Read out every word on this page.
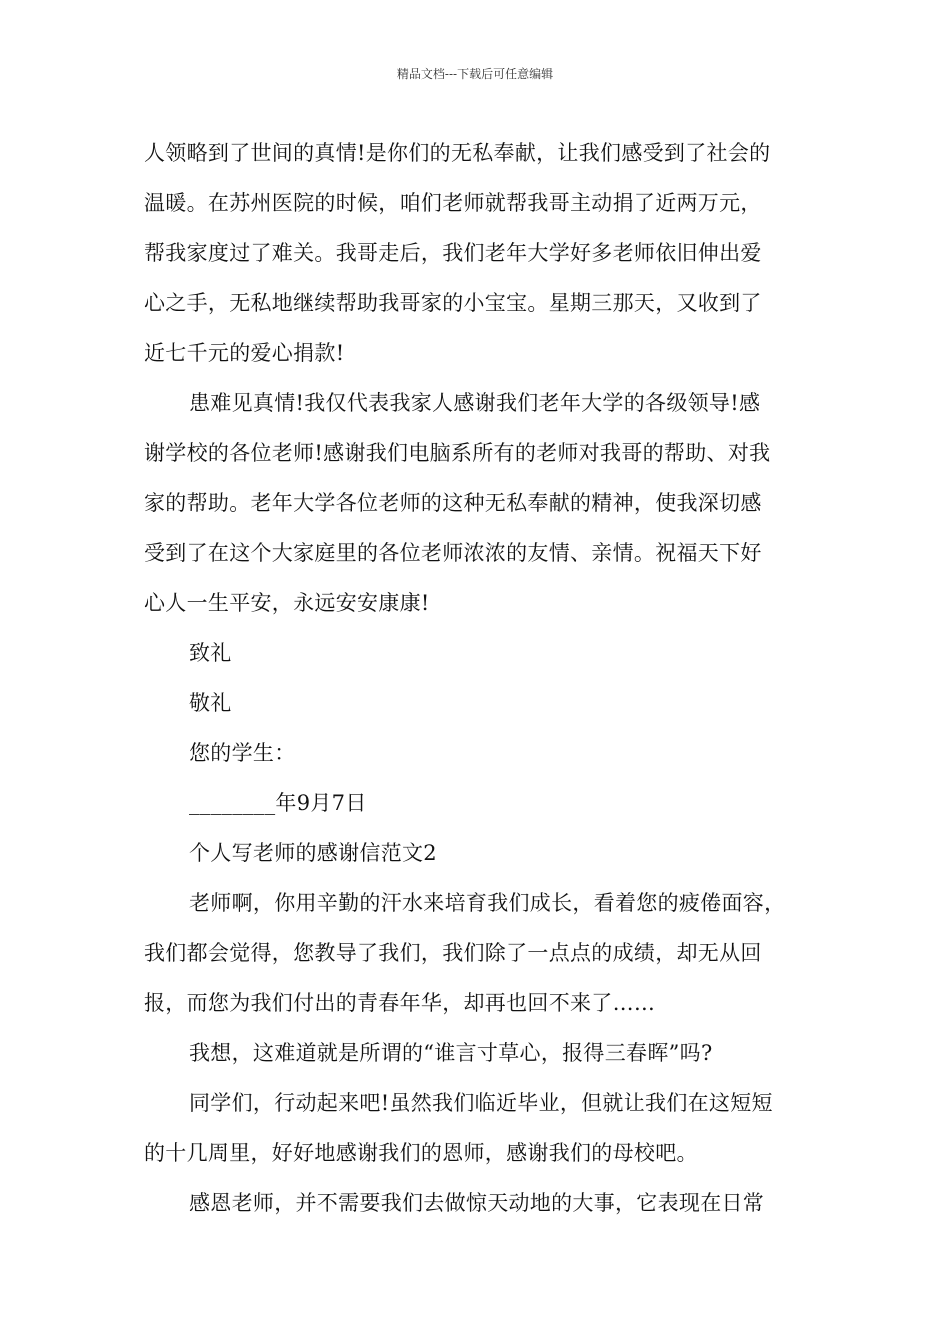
精品文档---下载后可任意编辑
人领略到了世间的真情!是你们的无私奉献，让我们感受到了社会的
温暖。在苏州医院的时候，咱们老师就帮我哥主动捐了近两万元，
帮我家度过了难关。我哥走后，我们老年大学好多老师依旧伸出爱
心之手，无私地继续帮助我哥家的小宝宝。星期三那天，又收到了
近七千元的爱心捐款!
患难见真情!我仅代表我家人感谢我们老年大学的各级领导!感
谢学校的各位老师!感谢我们电脑系所有的老师对我哥的帮助、对我
家的帮助。老年大学各位老师的这种无私奉献的精神，使我深切感
受到了在这个大家庭里的各位老师浓浓的友情、亲情。祝福天下好
心人一生平安，永远安安康康!
致礼
敬礼
您的学生：
________年9月7日
个人写老师的感谢信范文2
老师啊，你用辛勤的汗水来培育我们成长，看着您的疲倦面容，
我们都会觉得，您教导了我们，我们除了一点点的成绩，却无从回
报，而您为我们付出的青春年华，却再也回不来了……
我想，这难道就是所谓的“谁言寸草心，报得三春晖”吗?
同学们，行动起来吧!虽然我们临近毕业，但就让我们在这短短
的十几周里，好好地感谢我们的恩师，感谢我们的母校吧。
感恩老师，并不需要我们去做惊天动地的大事，它表现在日常
